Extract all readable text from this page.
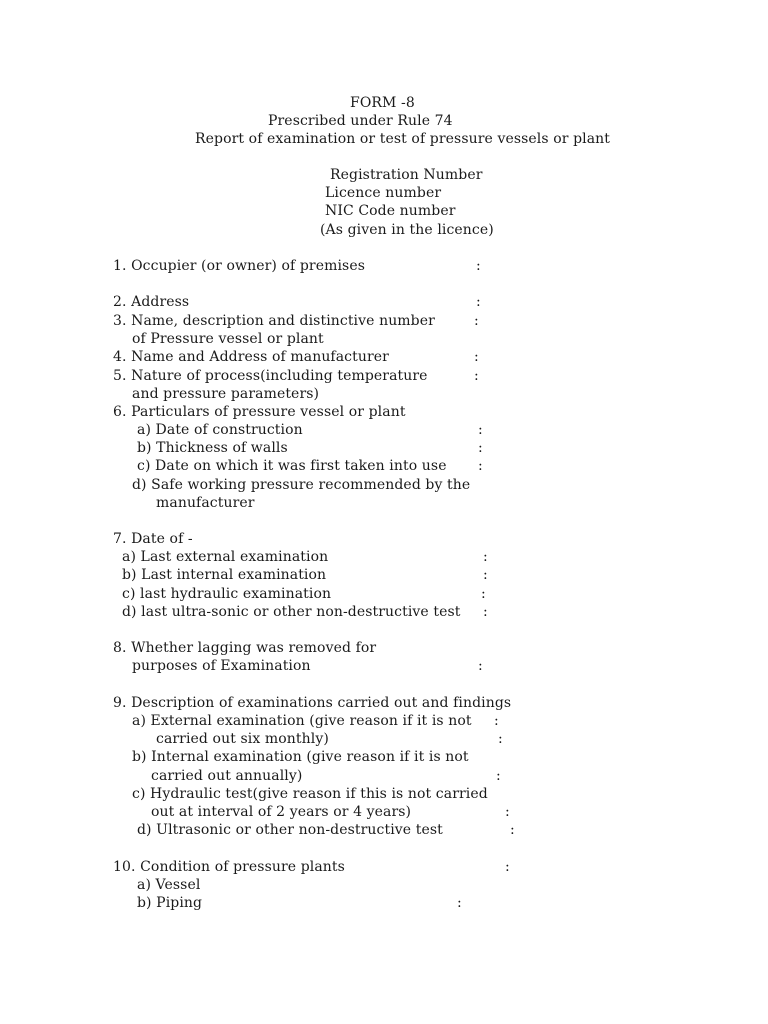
FORM -8
Prescribed under Rule 74
Report of examination or test of pressure vessels or plant
Registration Number
Licence number
NIC Code number
(As given in the licence)
1. Occupier (or owner) of premises	:
2. Address	:
3. Name, description and distinctive number	:
of Pressure vessel or plant
4. Name and Address of manufacturer	:
5. Nature of process(including temperature	:
and pressure parameters)
6. Particulars of pressure vessel or plant
a) Date of construction	:
b) Thickness of walls	:
c) Date on which it was first taken into use :
d) Safe working pressure recommended by the
manufacturer
7. Date of -
a) Last external examination	:
b) Last internal examination	:
c) last hydraulic examination	:
d) last ultra-sonic or other non-destructive test :
8. Whether lagging was removed for
purposes of Examination	:
9. Description of examinations carried out and findings
a) External examination (give reason if it is not :
carried out six monthly)	:
b) Internal examination (give reason if it is not
carried out annually)	:
c) Hydraulic test(give reason if this is not carried
out at interval of 2 years or 4 years)	:
d) Ultrasonic or other non-destructive test	:
10. Condition of pressure plants	:
a) Vessel
b) Piping	:
